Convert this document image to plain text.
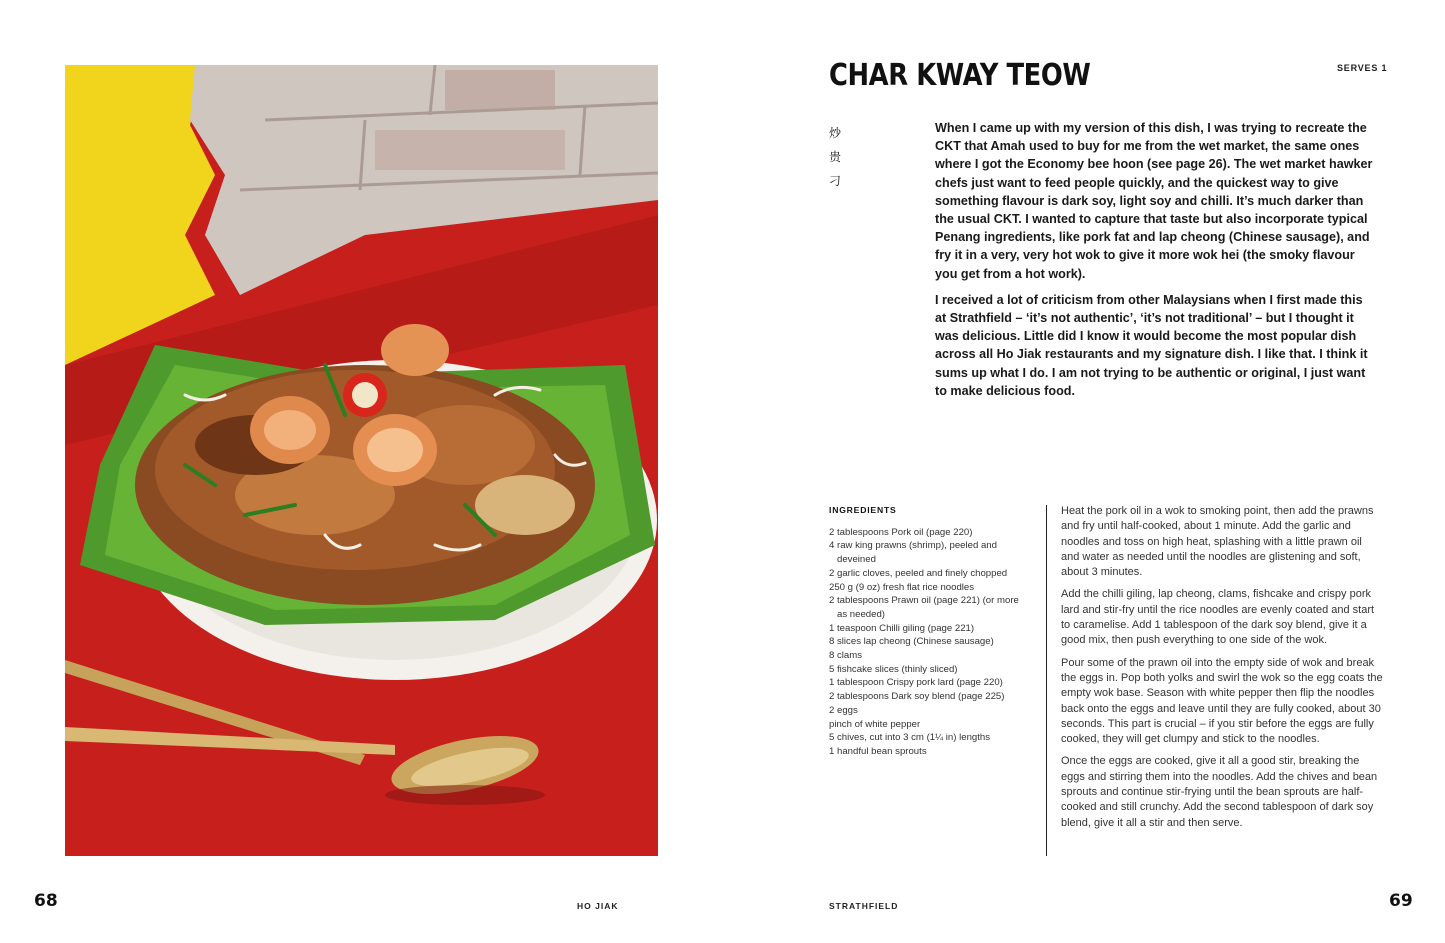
CHAR KWAY TEOW	SERVES 1
炒
贵
刁

When I came up with my version of this dish, I was trying to recreate the CKT that Amah used to buy for me from the wet market, the same ones where I got the Economy bee hoon (see page 26). The wet market hawker chefs just want to feed people quickly, and the quickest way to give something flavour is dark soy, light soy and chilli. It’s much darker than the usual CKT. I wanted to capture that taste but also incorporate typical Penang ingredients, like pork fat and lap cheong (Chinese sausage), and fry it in a very, very hot wok to give it more wok hei (the smoky flavour you get from a hot work).

I received a lot of criticism from other Malaysians when I first made this at Strathfield – ‘it’s not authentic’, ‘it’s not traditional’ – but I thought it was delicious. Little did I know it would become the most popular dish across all Ho Jiak restaurants and my signature dish. I like that. I think it sums up what I do. I am not trying to be authentic or original, I just want to make delicious food.

INGREDIENTS
2 tablespoons Pork oil (page 220)
4 raw king prawns (shrimp), peeled and deveined
2 garlic cloves, peeled and finely chopped
250 g (9 oz) fresh flat rice noodles
2 tablespoons Prawn oil (page 221) (or more as needed)
1 teaspoon Chilli giling (page 221)
8 slices lap cheong (Chinese sausage)
8 clams
5 fishcake slices (thinly sliced)
1 tablespoon Crispy pork lard (page 220)
2 tablespoons Dark soy blend (page 225)
2 eggs
pinch of white pepper
5 chives, cut into 3 cm (1¼ in) lengths
1 handful bean sprouts

Heat the pork oil in a wok to smoking point, then add the prawns and fry until half-cooked, about 1 minute. Add the garlic and noodles and toss on high heat, splashing with a little prawn oil and water as needed until the noodles are glistening and soft, about 3 minutes.

Add the chilli giling, lap cheong, clams, fishcake and crispy pork lard and stir-fry until the rice noodles are evenly coated and start to caramelise. Add 1 tablespoon of the dark soy blend, give it a good mix, then push everything to one side of the wok.

Pour some of the prawn oil into the empty side of wok and break the eggs in. Pop both yolks and swirl the wok so the egg coats the empty wok base. Season with white pepper then flip the noodles back onto the eggs and leave until they are fully cooked, about 30 seconds. This part is crucial – if you stir before the eggs are fully cooked, they will get clumpy and stick to the noodles.

Once the eggs are cooked, give it all a good stir, breaking the eggs and stirring them into the noodles. Add the chives and bean sprouts and continue stir-frying until the bean sprouts are half-cooked and still crunchy. Add the second tablespoon of dark soy blend, give it all a stir and then serve.

68	HO JIAK	STRATHFIELD	69
